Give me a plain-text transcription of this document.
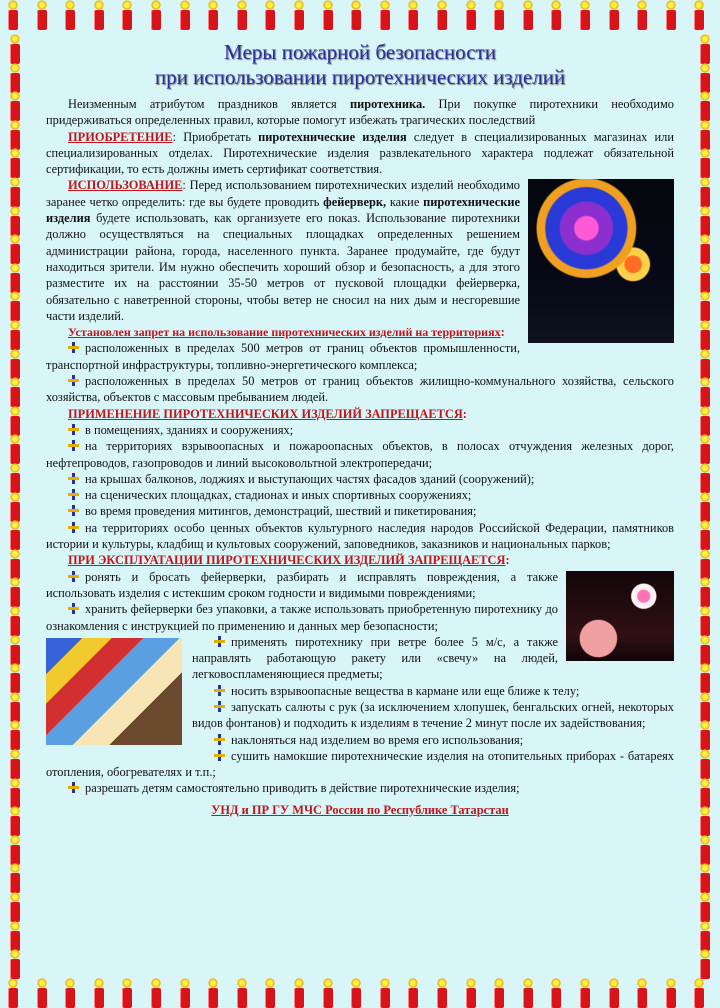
Меры пожарной безопасности
при использовании пиротехнических изделий

Неизменным атрибутом праздников является пиротехника. При покупке пиротехники необходимо придерживаться определенных правил, которые помогут избежать трагических последствий

ПРИОБРЕТЕНИЕ: Приобретать пиротехнические изделия следует в специализированных магазинах или специализированных отделах. Пиротехнические изделия развлекательного характера подлежат обязательной сертификации, то есть должны иметь сертификат соответствия.

ИСПОЛЬЗОВАНИЕ: Перед использованием пиротехнических изделий необходимо заранее четко определить: где вы будете проводить фейерверк, какие пиротехнические изделия будете использовать, как организуете его показ. Использование пиротехники должно осуществляться на специальных площадках определенных решением администрации района, города, населенного пункта. Заранее продумайте, где будут находиться зрители. Им нужно обеспечить хороший обзор и безопасность, а для этого разместите их на расстоянии 35-50 метров от пусковой площадки фейерверка, обязательно с наветренной стороны, чтобы ветер не сносил на них дым и несгоревшие части изделий.

Установлен запрет на использование пиротехнических изделий на территориях:

расположенных в пределах 500 метров от границ объектов промышленности, транспортной инфраструктуры, топливно-энергетического комплекса;

расположенных в пределах 50 метров от границ объектов жилищно-коммунального хозяйства, сельского хозяйства, объектов с массовым пребыванием людей.

ПРИМЕНЕНИЕ ПИРОТЕХНИЧЕСКИХ ИЗДЕЛИЙ ЗАПРЕЩАЕТСЯ:

в помещениях, зданиях и сооружениях;

на территориях взрывоопасных и пожароопасных объектов, в полосах отчуждения железных дорог, нефтепроводов, газопроводов и линий высоковольтной электропередачи;

на крышах балконов, лоджиях и выступающих частях фасадов зданий (сооружений);

на сценических площадках, стадионах и иных спортивных сооружениях;

во время проведения митингов, демонстраций, шествий и пикетирования;

на территориях особо ценных объектов культурного наследия народов Российской Федерации, памятников истории и культуры, кладбищ и культовых сооружений, заповедников, заказников и национальных парков;

ПРИ ЭКСПЛУАТАЦИИ ПИРОТЕХНИЧЕСКИХ ИЗДЕЛИЙ ЗАПРЕЩАЕТСЯ:

ронять и бросать фейерверки, разбирать и исправлять повреждения, а также использовать изделия с истекшим сроком годности и видимыми повреждениями;

хранить фейерверки без упаковки, а также использовать приобретенную пиротехнику до ознакомления с инструкцией по применению и данных мер безопасности;

применять пиротехнику при ветре более 5 м/с, а также направлять работающую ракету или «свечу» на людей, легковоспламеняющиеся предметы;

носить взрывоопасные вещества в кармане или еще ближе к телу;

запускать салюты с рук (за исключением хлопушек, бенгальских огней, некоторых видов фонтанов) и подходить к изделиям в течение 2 минут после их задействования;

наклоняться над изделием во время его использования;

сушить намокшие пиротехнические изделия на отопительных приборах - батареях отопления, обогревателях и т.п.;

разрешать детям самостоятельно приводить в действие пиротехнические изделия;

УНД и ПР ГУ МЧС России по Республике Татарстан
